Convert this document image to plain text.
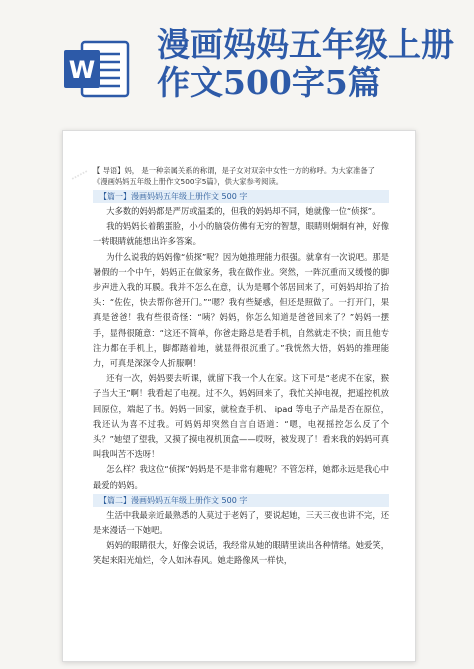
W
漫画妈妈五年级上册作文500字5篇
⋯⋯ 【 导语】妈， 是一种亲属关系的称谓，是子女对双亲中女性一方的称呼。为大家准备了《漫画妈妈五年级上册作文500字5篇》，供大家参考阅读。

【篇一】漫画妈妈五年级上册作文 500 字

大多数的妈妈都是严厉或温柔的，但我的妈妈却不同，她就像一位“侦探”。

我的妈妈长着鹅蛋脸，小小的脑袋仿佛有无穷的智慧，眼睛则炯炯有神，好像一转眼睛就能想出许多答案。

为什么说我的妈妈像“侦探”呢？因为她推理能力很强。就拿有一次说吧。那是暑假的一个中午，妈妈正在做家务，我在做作业。突然，一阵沉重而又缓慢的脚步声进入我的耳膜。我并不怎么在意，认为是哪个邻居回来了，可妈妈却抬了抬头：“佐佐，快去帮你爸开门。”“嗯？我有些疑惑，但还是照做了。一打开门，果真是爸爸！我有些很奇怪：“咦？妈妈，你怎么知道是爸爸回来了？”妈妈一摆手，显得很随意：“这还不简单，你爸走路总是看手机，自然就走不快；而且他专注力都在手机上，脚都踏着地，就显得很沉重了。”我恍然大悟，妈妈的推理能力，可真是深深令人折服啊！

还有一次，妈妈要去听课，就留下我一个人在家。这下可是“老虎不在家，猴子当大王”啊！我看起了电视。过不久，妈妈回来了，我忙关掉电视，把遥控机放回原位，端起了书。妈妈一回家，就检查手机、 ipad 等电子产品是否在原位，我还认为喜不过我。可妈妈却突然自言自语道：“嗯，电视摇控怎么反了个头？”她望了望我，又摸了摸电视机顶盒——哎呀，被发现了！看来我的妈妈可真叫我叫苦不迭呀！

怎么样？我这位“侦探”妈妈是不是非常有趣呢？不管怎样，她都永远是我心中最爱的妈妈。

【篇二】漫画妈妈五年级上册作文 500 字

生活中我最亲近最熟悉的人莫过于老妈了，要说起她，三天三夜也讲不完，还是来漫话一下她吧。

妈妈的眼睛很大，好像会说话，我经常从她的眼睛里读出各种情绪。她爱笑，笑起来阳光灿烂，令人如沐春风。她走路像风一样快，
